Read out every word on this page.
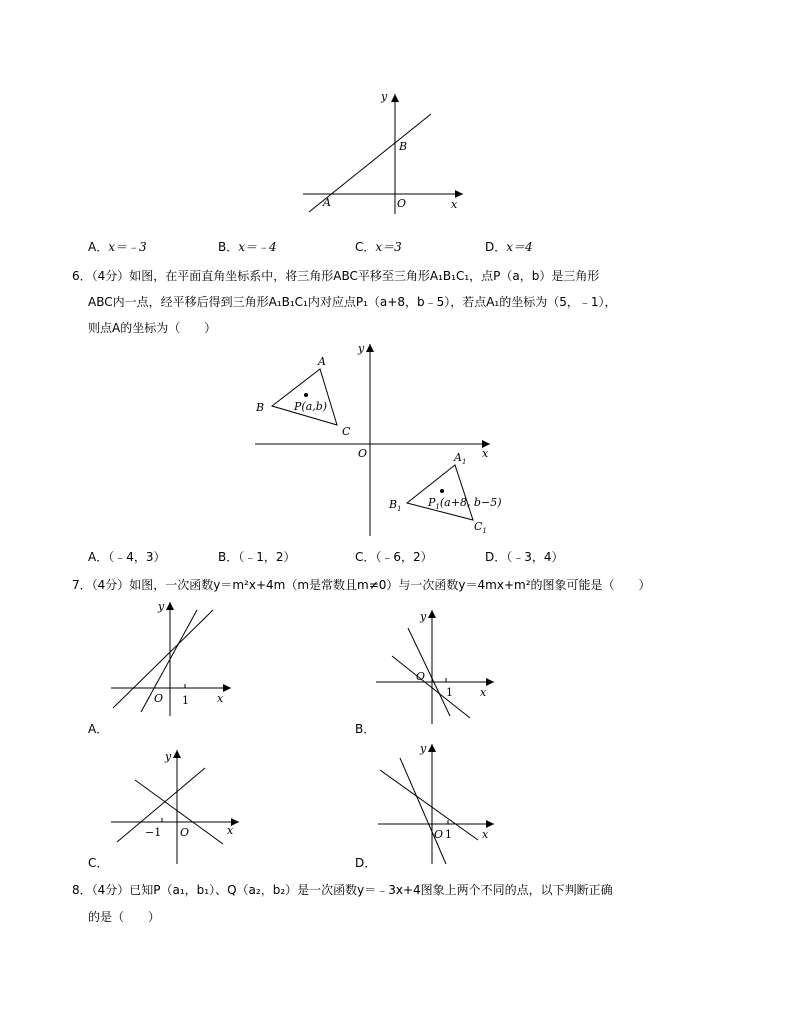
y
x
A
B
O
A．x＝﹣3	B．x＝﹣4	C．x＝3	D．x＝4
6．（4分）如图，在平面直角坐标系中，将三角形ABC平移至三角形A₁B₁C₁，点P（a，b）是三角形
ABC内一点，经平移后得到三角形A₁B₁C₁内对应点P₁（a+8，b﹣5），若点A₁的坐标为（5，﹣1），
则点A的坐标为（　　）
y
x
O
A
B
C
P(a,b)
$A_1$
$B_1$
$C_1$
$P_1(a+8$, b−5)
A．（﹣4，3）	B．（﹣1，2）	C．（﹣6，2）	D．（﹣3，4）
7．（4分）如图，一次函数y＝m²x+4m（m是常数且m≠0）与一次函数y＝4mx+m²的图象可能是（　　）
y
x
O 1
A．
y
x
O
1
B．
y
x
O
−1
C．
y
x
O 1
D．
8．（4分）已知P（a₁，b₁）、Q（a₂，b₂）是一次函数y＝﹣3x+4图象上两个不同的点，以下判断正确
的是（　　）
